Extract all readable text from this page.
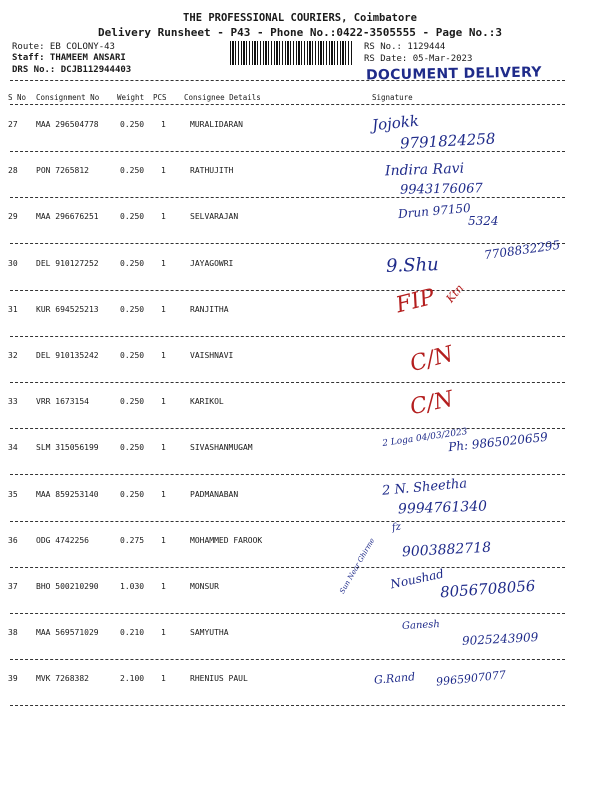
THE PROFESSIONAL COURIERS, Coimbatore
Delivery Runsheet - P43 - Phone No.:0422-3505555 - Page No.:3
Route: EB COLONY-43
Staff: THAMEEM ANSARI
DRS No.: DCJB112944403
RS No.: 1129444
RS Date: 05-Mar-2023
DOCUMENT DELIVERY
S No Consignment No Weight PCS Consignee Details	Signature
27 MAA 296504778	0.250 1	MURALIDARAN	Jojokk
9791824258
28 PON 7265812	0.250 1	RATHUJITH	Indira Ravi
9943176067
29 MAA 296676251	0.250 1	SELVARAJAN	Drun 97150
5324
30 DEL 910127252	0.250 1	JAYAGOWRI	9.Shu
7708832295
31 KUR 694525213	0.250 1	RANJITHA	FIP Ktn
32 DEL 910135242	0.250 1	VAISHNAVI	C/N
33 VRR 1673154	0.250 1	KARIKOL	C/N
34 SLM 315056199	0.250 1	SIVASHANMUGAM	2 Loga 04/03/2023
Ph: 9865020659
35 MAA 859253140	0.250 1	PADMANABAN	2 N. Sheetha
9994761340
36 ODG 4742256	0.275 1	MOHAMMED FAROOK
fz
9003882718
37 BHO 500210290	1.030 1	MONSUR	Noushad
8056708056
Sun Near Ghirme
38 MAA 569571029	0.210 1	SAMYUTHA
Ganesh
9025243909
39 MVK 7268382	2.100 1	RHENIUS PAUL	G.Rand 9965907077
